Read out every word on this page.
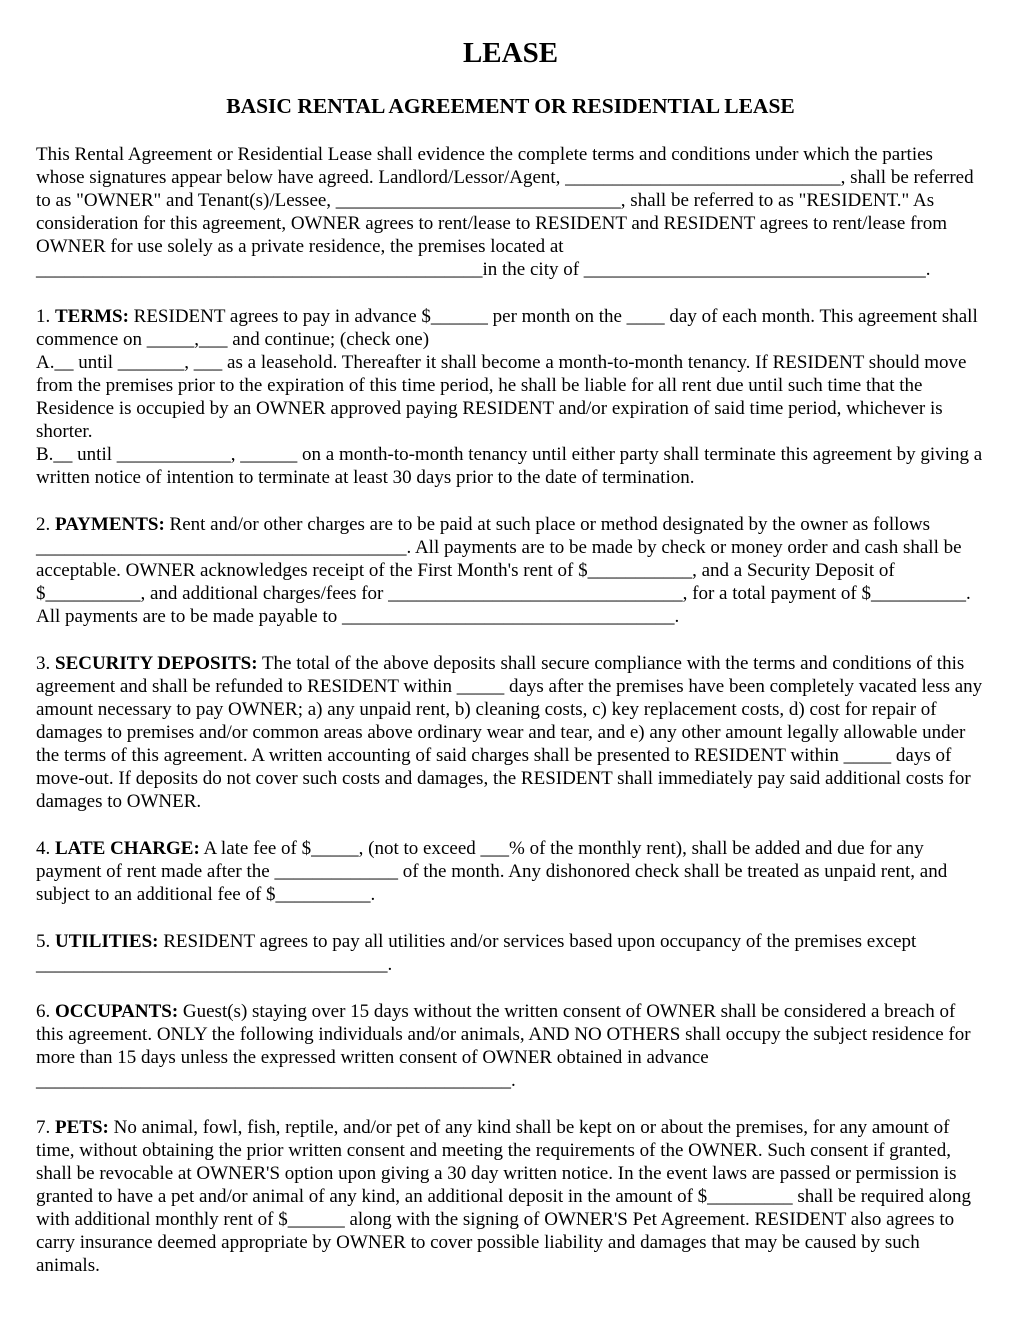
LEASE
BASIC RENTAL AGREEMENT OR RESIDENTIAL LEASE

This Rental Agreement or Residential Lease shall evidence the complete terms and conditions under which the parties whose signatures appear below have agreed. Landlord/Lessor/Agent, _____________________________, shall be referred to as "OWNER" and Tenant(s)/Lessee, ______________________________, shall be referred to as "RESIDENT." As consideration for this agreement, OWNER agrees to rent/lease to RESIDENT and RESIDENT agrees to rent/lease from OWNER for use solely as a private residence, the premises located at _______________________________________________in the city of ____________________________________.

1. TERMS: RESIDENT agrees to pay in advance $______ per month on the ____ day of each month. This agreement shall commence on _____,___ and continue; (check one)

A.__ until _______, ___ as a leasehold. Thereafter it shall become a month-to-month tenancy. If RESIDENT should move from the premises prior to the expiration of this time period, he shall be liable for all rent due until such time that the Residence is occupied by an OWNER approved paying RESIDENT and/or expiration of said time period, whichever is shorter.

B.__ until ____________, ______ on a month-to-month tenancy until either party shall terminate this agreement by giving a written notice of intention to terminate at least 30 days prior to the date of termination.

2. PAYMENTS: Rent and/or other charges are to be paid at such place or method designated by the owner as follows _______________________________________. All payments are to be made by check or money order and cash shall be acceptable. OWNER acknowledges receipt of the First Month's rent of $___________, and a Security Deposit of $__________, and additional charges/fees for _______________________________, for a total payment of $__________. All payments are to be made payable to ___________________________________.

3. SECURITY DEPOSITS: The total of the above deposits shall secure compliance with the terms and conditions of this agreement and shall be refunded to RESIDENT within _____ days after the premises have been completely vacated less any amount necessary to pay OWNER; a) any unpaid rent, b) cleaning costs, c) key replacement costs, d) cost for repair of damages to premises and/or common areas above ordinary wear and tear, and e) any other amount legally allowable under the terms of this agreement. A written accounting of said charges shall be presented to RESIDENT within _____ days of move-out. If deposits do not cover such costs and damages, the RESIDENT shall immediately pay said additional costs for damages to OWNER.

4. LATE CHARGE: A late fee of $_____, (not to exceed ___% of the monthly rent), shall be added and due for any payment of rent made after the _____________ of the month. Any dishonored check shall be treated as unpaid rent, and subject to an additional fee of $__________.

5. UTILITIES: RESIDENT agrees to pay all utilities and/or services based upon occupancy of the premises except _____________________________________.

6. OCCUPANTS: Guest(s) staying over 15 days without the written consent of OWNER shall be considered a breach of this agreement. ONLY the following individuals and/or animals, AND NO OTHERS shall occupy the subject residence for more than 15 days unless the expressed written consent of OWNER obtained in advance __________________________________________________.

7. PETS: No animal, fowl, fish, reptile, and/or pet of any kind shall be kept on or about the premises, for any amount of time, without obtaining the prior written consent and meeting the requirements of the OWNER. Such consent if granted, shall be revocable at OWNER'S option upon giving a 30 day written notice. In the event laws are passed or permission is granted to have a pet and/or animal of any kind, an additional deposit in the amount of $_________ shall be required along with additional monthly rent of $______ along with the signing of OWNER'S Pet Agreement. RESIDENT also agrees to carry insurance deemed appropriate by OWNER to cover possible liability and damages that may be caused by such animals.
